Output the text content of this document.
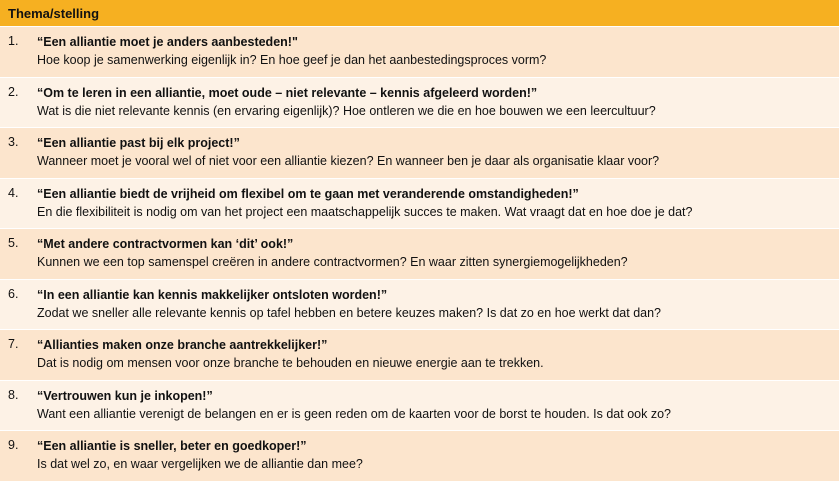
Thema/stelling
1.	“Een alliantie moet je anders aanbesteden!"
Hoe koop je samenwerking eigenlijk in? En hoe geef je dan het aanbestedingsproces vorm?
2.	“Om te leren in een alliantie, moet oude – niet relevante – kennis afgeleerd worden!”
Wat is die niet relevante kennis (en ervaring eigenlijk)? Hoe ontleren we die en hoe bouwen we een leercultuur?
3.	“Een alliantie past bij elk project!”
Wanneer moet je vooral wel of niet voor een alliantie kiezen? En wanneer ben je daar als organisatie klaar voor?
4.	“Een alliantie biedt de vrijheid om flexibel om te gaan met veranderende omstandigheden!”
En die flexibiliteit is nodig om van het project een maatschappelijk succes te maken. Wat vraagt dat en hoe doe je dat?
5.	“Met andere contractvormen kan ‘dit’ ook!”
Kunnen we een top samenspel creëren in andere contractvormen? En waar zitten synergiemogelijkheden?
6.	“In een alliantie kan kennis makkelijker ontsloten worden!”
Zodat we sneller alle relevante kennis op tafel hebben en betere keuzes maken? Is dat zo en hoe werkt dat dan?
7.	“Allianties maken onze branche aantrekkelijker!”
Dat is nodig om mensen voor onze branche te behouden en nieuwe energie aan te trekken.
8.	“Vertrouwen kun je inkopen!”
Want een alliantie verenigt de belangen en er is geen reden om de kaarten voor de borst te houden. Is dat ook zo?
9.	“Een alliantie is sneller, beter en goedkoper!”
Is dat wel zo, en waar vergelijken we de alliantie dan mee?
